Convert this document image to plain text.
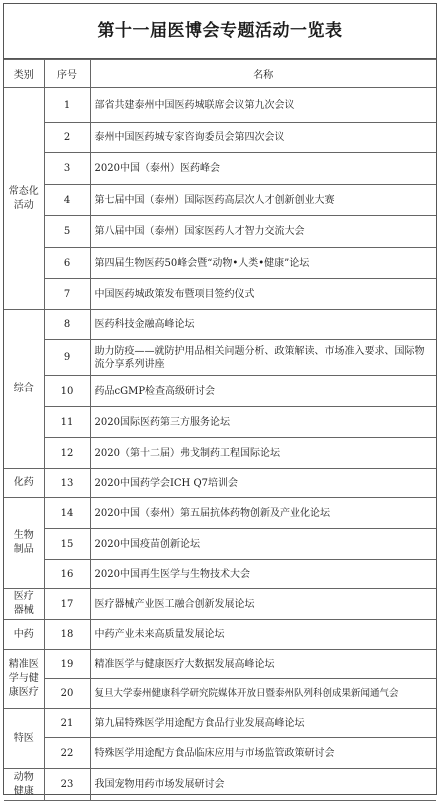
第十一届医博会专题活动一览表
类别	序号	名称
常态化
活动	1	部省共建泰州中国医药城联席会议第九次会议
	2	泰州中国医药城专家咨询委员会第四次会议
	3	2020中国（泰州）医药峰会
	4	第七届中国（泰州）国际医药高层次人才创新创业大赛
	5	第八届中国（泰州）国家医药人才智力交流大会
	6	第四届生物医药50峰会暨“动物•人类•健康”论坛
	7	中国医药城政策发布暨项目签约仪式
综合	8	医药科技金融高峰论坛
	9	助力防疫——就防护用品相关问题分析、政策解读、市场准入要求、国际物流分享系列讲座
	10	药品cGMP检查高级研讨会
	11	2020国际医药第三方服务论坛
	12	2020（第十二届）弗戈制药工程国际论坛
化药	13	2020中国药学会ICH Q7培训会
生物
制品	14	2020中国（泰州）第五届抗体药物创新及产业化论坛
	15	2020中国疫苗创新论坛
	16	2020中国再生医学与生物技术大会
医疗
器械	17	医疗器械产业医工融合创新发展论坛
中药	18	中药产业未来高质量发展论坛
精准医
学与健
康医疗	19	精准医学与健康医疗大数据发展高峰论坛
	20	复旦大学泰州健康科学研究院媒体开放日暨泰州队列科创成果新闻通气会
特医	21	第九届特殊医学用途配方食品行业发展高峰论坛
	22	特殊医学用途配方食品临床应用与市场监管政策研讨会
动物
健康	23	我国宠物用药市场发展研讨会
